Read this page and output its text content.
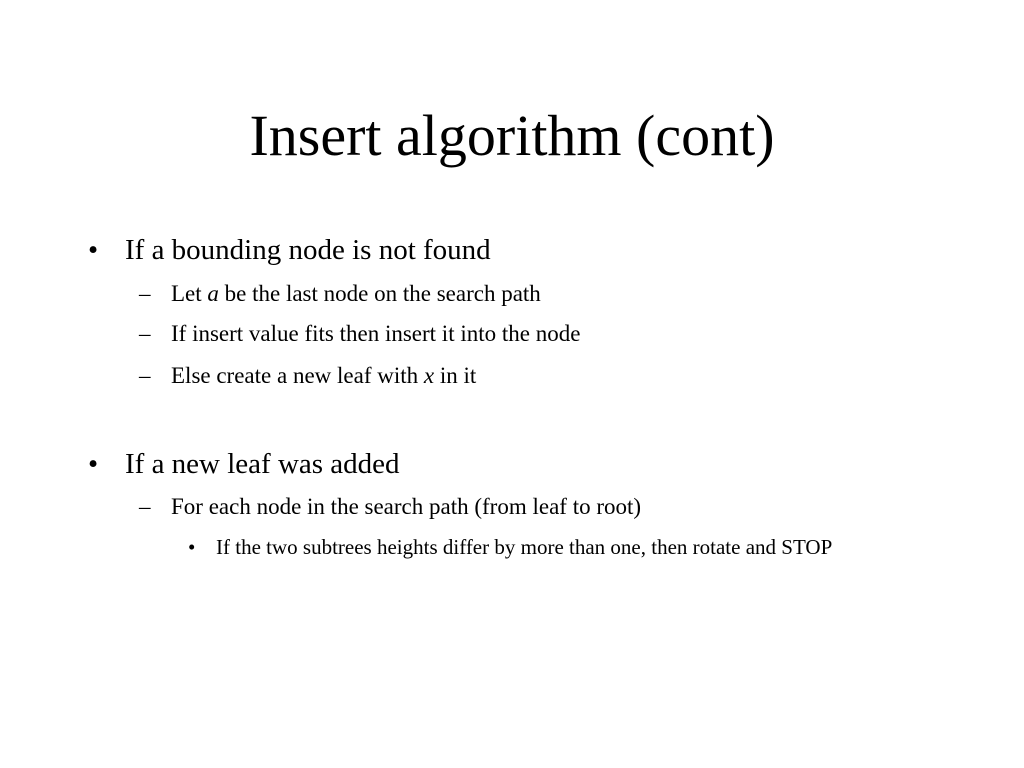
Insert algorithm (cont)
• If a bounding node is not found
– Let a be the last node on the search path
– If insert value fits then insert it into the node
– Else create a new leaf with x in it
• If a new leaf was added
– For each node in the search path (from leaf to root)
• If the two subtrees heights differ by more than one, then rotate and STOP
